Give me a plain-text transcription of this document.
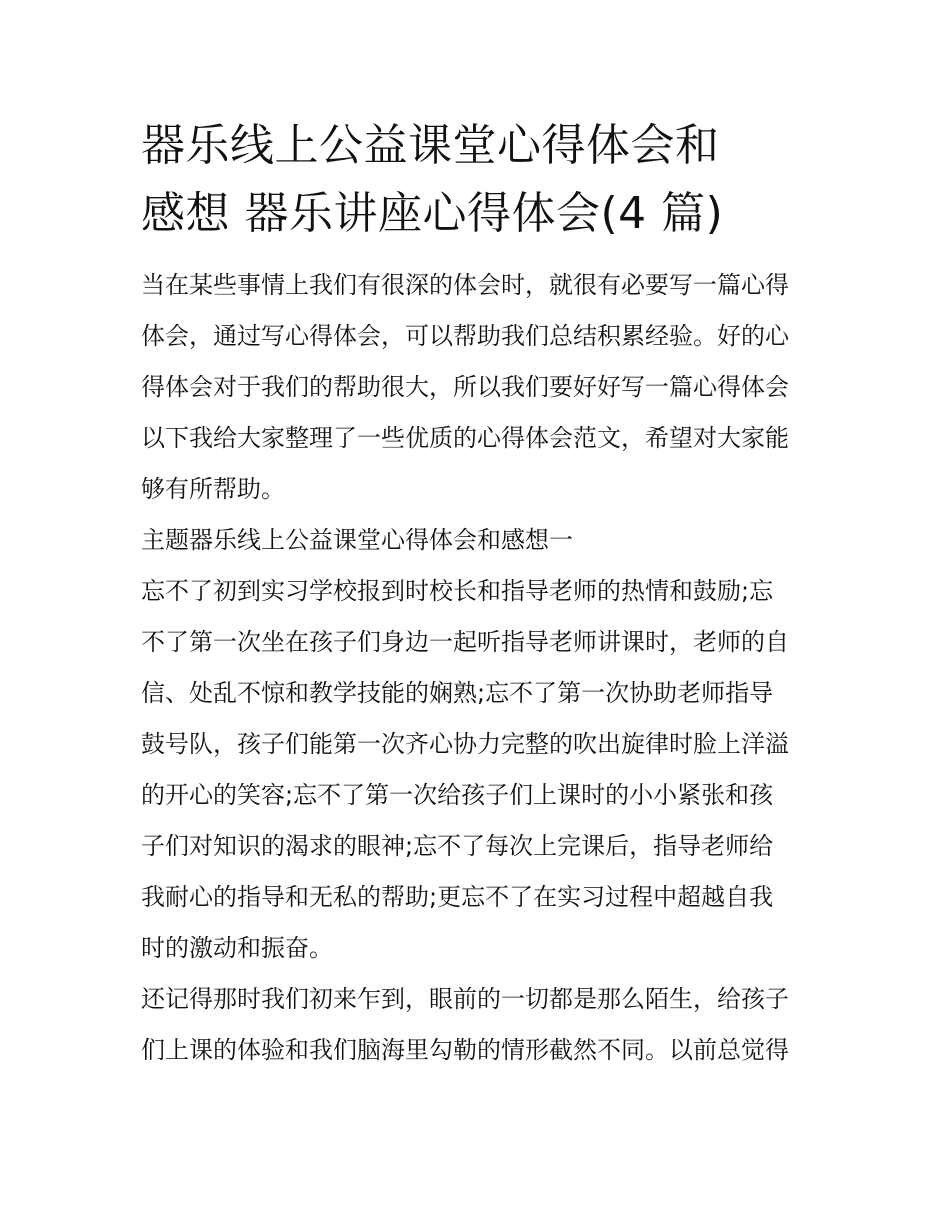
器乐线上公益课堂心得体会和
感想 器乐讲座心得体会(4 篇)
当在某些事情上我们有很深的体会时，就很有必要写一篇心得
体会，通过写心得体会，可以帮助我们总结积累经验。好的心
得体会对于我们的帮助很大，所以我们要好好写一篇心得体会
以下我给大家整理了一些优质的心得体会范文，希望对大家能
够有所帮助。
主题器乐线上公益课堂心得体会和感想一
忘不了初到实习学校报到时校长和指导老师的热情和鼓励;忘
不了第一次坐在孩子们身边一起听指导老师讲课时，老师的自
信、处乱不惊和教学技能的娴熟;忘不了第一次协助老师指导
鼓号队，孩子们能第一次齐心协力完整的吹出旋律时脸上洋溢
的开心的笑容;忘不了第一次给孩子们上课时的小小紧张和孩
子们对知识的渴求的眼神;忘不了每次上完课后，指导老师给
我耐心的指导和无私的帮助;更忘不了在实习过程中超越自我
时的激动和振奋。
还记得那时我们初来乍到，眼前的一切都是那么陌生，给孩子
们上课的体验和我们脑海里勾勒的情形截然不同。以前总觉得
